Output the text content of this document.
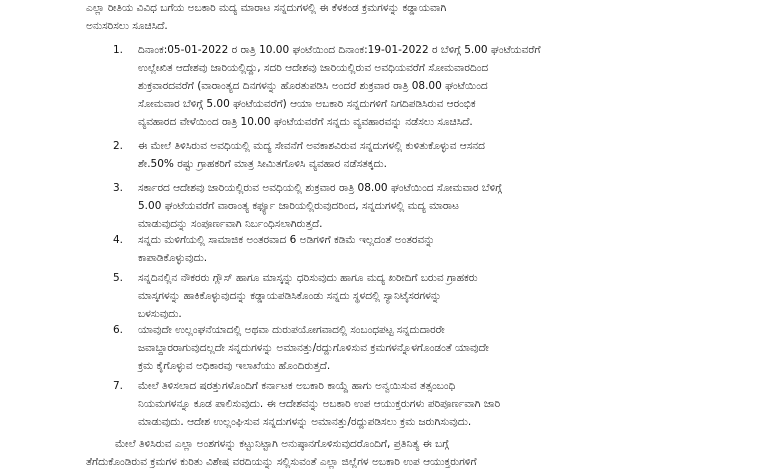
ಎಲ್ಲಾ ರೀತಿಯ ವಿವಿಧ ಬಗೆಯ ಅಬಕಾರಿ ಮದ್ಯ ಮಾರಾಟ ಸನ್ನದುಗಳಲ್ಲಿ ಈ ಕೆಳಕಂಡ ಕ್ರಮಗಳನ್ನು ಕಡ್ಡಾಯವಾಗಿ
ಅನುಸರಿಸಲು ಸೂಚಿಸಿದೆ.
1. ದಿನಾಂಕ:05-01-2022 ರ ರಾತ್ರಿ 10.00 ಘಂಟೆಯಿಂದ ದಿನಾಂಕ:19-01-2022 ರ ಬೆಳಿಗ್ಗೆ 5.00 ಘಂಟೆಯವರೆಗೆ
ಉಲ್ಲೇಖಿತ ಆದೇಶವು ಜಾರಿಯಲ್ಲಿದ್ದು, ಸದರಿ ಆದೇಶವು ಜಾರಿಯಲ್ಲಿರುವ ಅವಧಿಯವರೆಗೆ ಸೋಮವಾರದಿಂದ
ಶುಕ್ರವಾರದವರೆಗೆ (ವಾರಾಂತ್ಯದ ದಿನಗಳನ್ನು ಹೊರತುಪಡಿಸಿ ಅಂದರೆ ಶುಕ್ರವಾರ ರಾತ್ರಿ 08.00 ಘಂಟೆಯಿಂದ
ಸೋಮವಾರ ಬೆಳಿಗ್ಗೆ 5.00 ಘಂಟೆಯವರೆಗೆ) ಆಯಾ ಅಬಕಾರಿ ಸನ್ನದುಗಳಿಗೆ ನಿಗದಿಪಡಿಸಿರುವ ಆರಂಭಿಕ
ವ್ಯವಹಾರದ ವೇಳೆಯಿಂದ ರಾತ್ರಿ 10.00 ಘಂಟೆಯವರೆಗೆ ಸನ್ನದು ವ್ಯವಹಾರವನ್ನು ನಡೆಸಲು ಸೂಚಿಸಿದೆ.
2. ಈ ಮೇಲೆ ತಿಳಿಸಿರುವ ಅವಧಿಯಲ್ಲಿ ಮದ್ಯ ಸೇವನೆಗೆ ಅವಕಾಶವಿರುವ ಸನ್ನದುಗಳಲ್ಲಿ ಕುಳಿತುಕೊಳ್ಳುವ ಆಸನದ
ಶೇ.50% ರಷ್ಟು ಗ್ರಾಹಕರಿಗೆ ಮಾತ್ರ ಸೀಮಿತಗೊಳಿಸಿ ವ್ಯವಹಾರ ನಡೆಸತಕ್ಕದು.
3. ಸರ್ಕಾರದ ಆದೇಶವು ಜಾರಿಯಲ್ಲಿರುವ ಅವಧಿಯಲ್ಲಿ ಶುಕ್ರವಾರ ರಾತ್ರಿ 08.00 ಘಂಟೆಯಿಂದ ಸೋಮವಾರ ಬೆಳಿಗ್ಗೆ
5.00 ಘಂಟೆಯವರೆಗೆ ವಾರಾಂತ್ಯ ಕರ್ಫ್ಯೂ ಜಾರಿಯಲ್ಲಿರುವುದರಿಂದ, ಸನ್ನದುಗಳಲ್ಲಿ ಮದ್ಯ ಮಾರಾಟ
ಮಾಡುವುದನ್ನು ಸಂಪೂರ್ಣವಾಗಿ ನಿರ್ಬಂಧಿಸಲಾಗಿರುತ್ತದೆ.
4. ಸನ್ನದು ಮಳಿಗೆಯಲ್ಲಿ ಸಾಮಾಜಿಕ ಅಂತರವಾದ 6 ಅಡಿಗಳಿಗೆ ಕಡಿಮೆ ಇಲ್ಲದಂತೆ ಅಂತರವನ್ನು
ಕಾಪಾಡಿಕೊಳ್ಳುವುದು.
5. ಸನ್ನದಿನಲ್ಲಿನ ನೌಕರರು ಗ್ಲೌಸ್ ಹಾಗೂ ಮಾಸ್ಕನ್ನು ಧರಿಸುವುದು ಹಾಗೂ ಮದ್ಯ ಖರೀದಿಗೆ ಬರುವ ಗ್ರಾಹಕರು
ಮಾಸ್ಕಗಳನ್ನು ಹಾಕಿಕೊಳ್ಳುವುದನ್ನು ಕಡ್ಡಾಯಪಡಿಸಿಕೊಂಡು ಸನ್ನದು ಸ್ಥಳದಲ್ಲಿ ಸ್ಯಾನಿಟೈಸರಗಳನ್ನು
ಬಳಸುವುದು.
6. ಯಾವುದೇ ಉಲ್ಲಂಘನೆಯಾದಲ್ಲಿ ಅಥವಾ ದುರುಪಯೋಗವಾದಲ್ಲಿ ಸಂಬಂಧಪಟ್ಟ ಸನ್ನದುದಾರರೇ
ಜವಾಬ್ದಾರರಾಗುವುದಲ್ಲದೇ ಸನ್ನದುಗಳನ್ನು ಅಮಾನತ್ತು/ರದ್ದುಗೊಳಿಸುವ ಕ್ರಮಗಳನ್ನೊಳಗೊಂಡಂತೆ ಯಾವುದೇ
ಕ್ರಮ ಕೈಗೊಳ್ಳುವ ಅಧಿಕಾರವು ಇಲಾಖೆಯು ಹೊಂದಿರುತ್ತದೆ.
7. ಮೇಲೆ ತಿಳಿಸಲಾದ ಷರತ್ತುಗಳೊಂದಿಗೆ ಕರ್ನಾಟಕ ಅಬಕಾರಿ ಕಾಯ್ದೆ ಹಾಗು ಅನ್ವಯಿಸುವ ತತ್ಸಂಬಂಧಿ
ನಿಯಮಗಳನ್ನೂ ಕೂಡ ಪಾಲಿಸುವುದು. ಈ ಆದೇಶವನ್ನು ಅಬಕಾರಿ ಉಪ ಆಯುಕ್ತರುಗಳು ಪರಿಪೂರ್ಣವಾಗಿ ಜಾರಿ
ಮಾಡುವುದು. ಆದೇಶ ಉಲ್ಲಂಘಿಸುವ ಸನ್ನದುಗಳನ್ನು ಅಮಾನತ್ತು/ರದ್ದುಪಡಿಸಲು ಕ್ರಮ ಜರುಗಿಸುವುದು.
ಮೇಲೆ ತಿಳಿಸಿರುವ ಎಲ್ಲಾ ಅಂಶಗಳನ್ನು ಕಟ್ಟುನಿಟ್ಟಾಗಿ ಅನುಷ್ಠಾನಗೊಳಿಸುವುದರೊಂದಿಗೆ, ಪ್ರತಿನಿತ್ಯ ಈ ಬಗ್ಗೆ
ತೆಗೆದುಕೊಂಡಿರುವ ಕ್ರಮಗಳ ಕುರಿತು ವಿಶೇಷ ವರದಿಯನ್ನು ಸಲ್ಲಿಸುವಂತೆ ಎಲ್ಲಾ ಜಿಲ್ಲೆಗಳ ಅಬಕಾರಿ ಉಪ ಆಯುಕ್ತರುಗಳಿಗೆ
